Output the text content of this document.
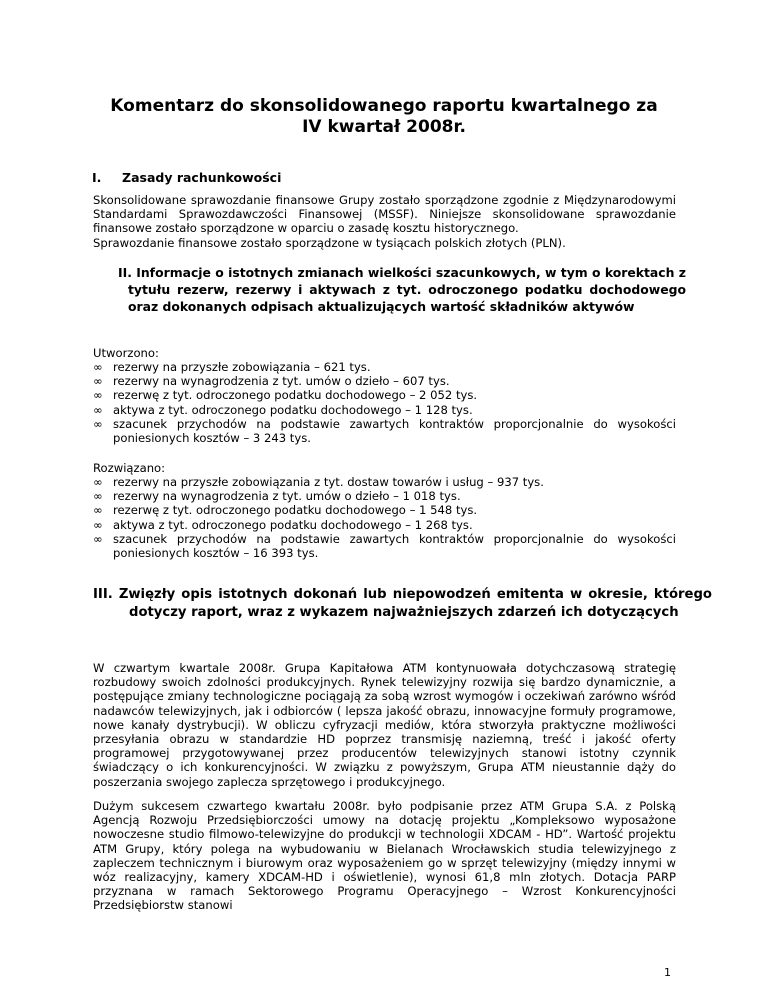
Komentarz do skonsolidowanego raportu kwartalnego za
IV kwartał 2008r.
I. Zasady rachunkowości

Skonsolidowane sprawozdanie finansowe Grupy zostało sporządzone zgodnie z Międzynarodowymi Standardami Sprawozdawczości Finansowej (MSSF). Niniejsze skonsolidowane sprawozdanie finansowe zostało sporządzone w oparciu o zasadę kosztu historycznego.

Sprawozdanie finansowe zostało sporządzone w tysiącach polskich złotych (PLN).

II. Informacje o istotnych zmianach wielkości szacunkowych, w tym o korektach z tytułu rezerw, rezerwy i aktywach z tyt. odroczonego podatku dochodowego oraz dokonanych odpisach aktualizujących wartość składników aktywów
Utworzono:
∞ rezerwy na przyszłe zobowiązania – 621 tys.
∞ rezerwy na wynagrodzenia z tyt. umów o dzieło – 607 tys.
∞ rezerwę z tyt. odroczonego podatku dochodowego – 2 052 tys.
∞ aktywa z tyt. odroczonego podatku dochodowego – 1 128 tys.
∞ szacunek przychodów na podstawie zawartych kontraktów proporcjonalnie do wysokości poniesionych kosztów – 3 243 tys.
Rozwiązano:
∞ rezerwy na przyszłe zobowiązania z tyt. dostaw towarów i usług – 937 tys.
∞ rezerwy na wynagrodzenia z tyt. umów o dzieło – 1 018 tys.
∞ rezerwę z tyt. odroczonego podatku dochodowego – 1 548 tys.
∞ aktywa z tyt. odroczonego podatku dochodowego – 1 268 tys.
∞ szacunek przychodów na podstawie zawartych kontraktów proporcjonalnie do wysokości poniesionych kosztów – 16 393 tys.
III. Zwięzły opis istotnych dokonań lub niepowodzeń emitenta w okresie, którego dotyczy raport, wraz z wykazem najważniejszych zdarzeń ich dotyczących

W czwartym kwartale 2008r. Grupa Kapitałowa ATM kontynuowała dotychczasową strategię rozbudowy swoich zdolności produkcyjnych. Rynek telewizyjny rozwija się bardzo dynamicznie, a postępujące zmiany technologiczne pociągają za sobą wzrost wymogów i oczekiwań zarówno wśród nadawców telewizyjnych, jak i odbiorców ( lepsza jakość obrazu, innowacyjne formuły programowe, nowe kanały dystrybucji). W obliczu cyfryzacji mediów, która stworzyła praktyczne możliwości przesyłania obrazu w standardzie HD poprzez transmisję naziemną, treść i jakość oferty programowej przygotowywanej przez producentów telewizyjnych stanowi istotny czynnik świadczący o ich konkurencyjności. W związku z powyższym, Grupa ATM nieustannie dąży do poszerzania swojego zaplecza sprzętowego i produkcyjnego.

Dużym sukcesem czwartego kwartału 2008r. było podpisanie przez ATM Grupa S.A. z Polską Agencją Rozwoju Przedsiębiorczości umowy na dotację projektu „Kompleksowo wyposażone nowoczesne studio filmowo-telewizyjne do produkcji w technologii XDCAM - HD”. Wartość projektu ATM Grupy, który polega na wybudowaniu w Bielanach Wrocławskich studia telewizyjnego z zapleczem technicznym i biurowym oraz wyposażeniem go w sprzęt telewizyjny (między innymi w wóz realizacyjny, kamery XDCAM-HD i oświetlenie), wynosi 61,8 mln złotych. Dotacja PARP przyznana w ramach Sektorowego Programu Operacyjnego – Wzrost Konkurencyjności Przedsiębiorstw stanowi

1
